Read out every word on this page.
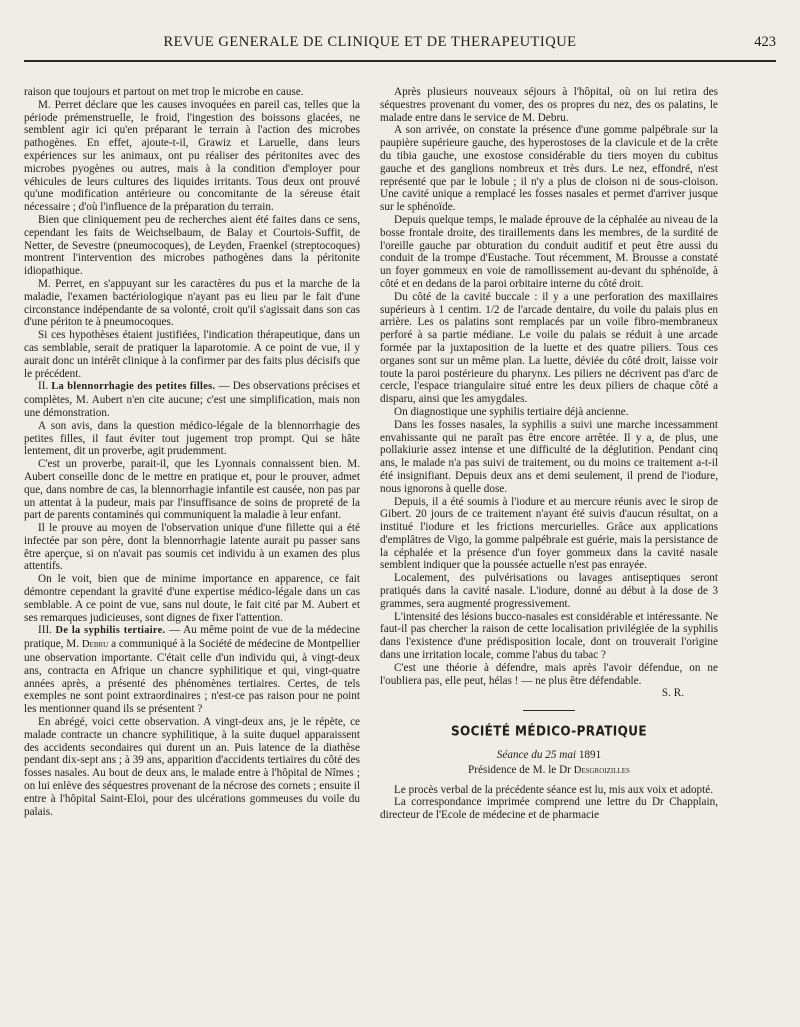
REVUE GENERALE DE CLINIQUE ET DE THERAPEUTIQUE	423

raison que toujours et partout on met trop le microbe en cause.

M. Perret déclare que les causes invoquées en pareil cas, telles que la période prémenstruelle, le froid, l'ingestion des boissons glacées, ne semblent agir ici qu'en préparant le terrain à l'action des microbes pathogènes. En effet, ajoute-t-il, Grawiz et Laruelle, dans leurs expériences sur les animaux, ont pu réaliser des péritonites avec des microbes pyogènes ou autres, mais à la condition d'employer pour véhicules de leurs cultures des liquides irritants. Tous deux ont prouvé qu'une modification antérieure ou concomitante de la séreuse était nécessaire ; d'où l'influence de la préparation du terrain.

Bien que cliniquement peu de recherches aient été faites dans ce sens, cependant les faits de Weichselbaum, de Balay et Courtois-Suffit, de Netter, de Sevestre (pneumocoques), de Leyden, Fraenkel (streptocoques) montrent l'intervention des microbes pathogènes dans la péritonite idiopathique.

M. Perret, en s'appuyant sur les caractères du pus et la marche de la maladie, l'examen bactériologique n'ayant pas eu lieu par le fait d'une circonstance indépendante de sa volonté, croit qu'il s'agissait dans son cas d'une périton te à pneumocoques.

Si ces hypothèses étaient justifiées, l'indication thérapeutique, dans un cas semblable, serait de pratiquer la laparotomie. A ce point de vue, il y aurait donc un intérêt clinique à la confirmer par des faits plus décisifs que le précédent.

II. La blennorrhagie des petites filles. — Des observations précises et complètes, M. Aubert n'en cite aucune; c'est une simplification, mais non une démonstration.

A son avis, dans la question médico-légale de la blennorrhagie des petites filles, il faut éviter tout jugement trop prompt. Qui se hâte lentement, dit un proverbe, agit prudemment.

C'est un proverbe, parait-il, que les Lyonnais connaissent bien. M. Aubert conseille donc de le mettre en pratique et, pour le prouver, admet que, dans nombre de cas, la blennorrhagie infantile est causée, non pas par un attentat à la pudeur, mais par l'insuffisance de soins de propreté de la part de parents contaminés qui communiquent la maladie à leur enfant.

Il le prouve au moyen de l'observation unique d'une fillette qui a été infectée par son père, dont la blennorrhagie latente aurait pu passer sans être aperçue, si on n'avait pas soumis cet individu à un examen des plus attentifs.

On le voit, bien que de minime importance en apparence, ce fait démontre cependant la gravité d'une expertise médico-légale dans un cas semblable. A ce point de vue, sans nul doute, le fait cité par M. Aubert et ses remarques judicieuses, sont dignes de fixer l'attention.

III. De la syphilis tertiaire. — Au même point de vue de la médecine pratique, M. Debru a communiqué à la Société de médecine de Montpellier une observation importante. C'était celle d'un individu qui, à vingt-deux ans, contracta en Afrique un chancre syphilitique et qui, vingt-quatre années après, a présenté des phénomènes tertiaires. Certes, de tels exemples ne sont point extraordinaires ; n'est-ce pas raison pour ne point les mentionner quand ils se présentent ?

En abrégé, voici cette observation. A vingt-deux ans, je le répète, ce malade contracte un chancre syphilitique, à la suite duquel apparaissent des accidents secondaires qui durent un an. Puis latence de la diathèse pendant dix-sept ans ; à 39 ans, apparition d'accidents tertiaires du côté des fosses nasales. Au bout de deux ans, le malade entre à l'hôpital de Nîmes ; on lui enlève des séquestres provenant de la nécrose des cornets ; ensuite il entre à l'hôpital Saint-Eloi, pour des ulcérations gommeuses du voile du palais.

Après plusieurs nouveaux séjours à l'hôpital, où on lui retira des séquestres provenant du vomer, des os propres du nez, des os palatins, le malade entre dans le service de M. Debru.

A son arrivée, on constate la présence d'une gomme palpébrale sur la paupière supérieure gauche, des hyperostoses de la clavicule et de la crête du tibia gauche, une exostose considérable du tiers moyen du cubitus gauche et des ganglions nombreux et très durs. Le nez, effondré, n'est représenté que par le lobule ; il n'y a plus de cloison ni de sous-cloison. Une cavité unique a remplacé les fosses nasales et permet d'arriver jusque sur le sphénoïde.

Depuis quelque temps, le malade éprouve de la céphalée au niveau de la bosse frontale droite, des tiraillements dans les membres, de la surdité de l'oreille gauche par obturation du conduit auditif et peut être aussi du conduit de la trompe d'Eustache. Tout récemment, M. Brousse a constaté un foyer gommeux en voie de ramollissement au-devant du sphénoïde, à côté et en dedans de la paroi orbitaire interne du côté droit.

Du côté de la cavité buccale : il y a une perforation des maxillaires supérieurs à 1 centim. 1/2 de l'arcade dentaire, du voile du palais plus en arrière. Les os palatins sont remplacés par un voile fibro-membraneux perforé à sa partie médiane. Le voile du palais se réduit à une arcade formée par la juxtaposition de la luette et des quatre piliers. Tous ces organes sont sur un même plan. La luette, déviée du côté droit, laisse voir toute la paroi postérieure du pharynx. Les piliers ne décrivent pas d'arc de cercle, l'espace triangulaire situé entre les deux piliers de chaque côté a disparu, ainsi que les amygdales.

On diagnostique une syphilis tertiaire déjà ancienne.

Dans les fosses nasales, la syphilis a suivi une marche incessamment envahissante qui ne paraît pas être encore arrêtée. Il y a, de plus, une pollakiurie assez intense et une difficulté de la déglutition. Pendant cinq ans, le malade n'a pas suivi de traitement, ou du moins ce traitement a-t-il été insignifiant. Depuis deux ans et demi seulement, il prend de l'iodure, nous ignorons à quelle dose.

Depuis, il a été soumis à l'iodure et au mercure réunis avec le sirop de Gibert. 20 jours de ce traitement n'ayant été suivis d'aucun résultat, on a institué l'iodure et les frictions mercurielles. Grâce aux applications d'emplâtres de Vigo, la gomme palpébrale est guérie, mais la persistance de la céphalée et la présence d'un foyer gommeux dans la cavité nasale semblent indiquer que la poussée actuelle n'est pas enrayée.

Localement, des pulvérisations ou lavages antiseptiques seront pratiqués dans la cavité nasale. L'iodure, donné au début à la dose de 3 grammes, sera augmenté progressivement.

L'intensité des lésions bucco-nasales est considérable et intéressante. Ne faut-il pas chercher la raison de cette localisation privilégiée de la syphilis dans l'existence d'une prédisposition locale, dont on trouverait l'origine dans une irritation locale, comme l'abus du tabac ?

C'est une théorie à défendre, mais après l'avoir défendue, on ne l'oubliera pas, elle peut, hélas ! — ne plus être défendable.

S. R.

SOCIÉTÉ MÉDICO-PRATIQUE
Séance du 25 mai 1891
Présidence de M. le Dr Desgroizilles

Le procès verbal de la précédente séance est lu, mis aux voix et adopté.

La correspondance imprimée comprend une lettre du Dr Chapplain, directeur de l'Ecole de médecine et de pharmacie
